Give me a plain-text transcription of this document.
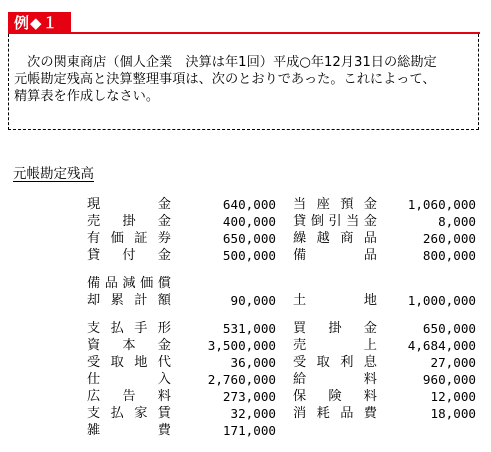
例◆１
　次の関東商店（個人企業　決算は年1回）平成○年12月31日の総勘定
元帳勘定残高と決算整理事項は、次のとおりであった。これによって、
精算表を作成しなさい。
元帳勘定残高
現金	640,000 当座預金	1,060,000
売掛金	400,000 貸倒引当金	8,000
有価証券	650,000 繰越商品	260,000
貸付金	500,000 備品	800,000
備品減価償
却累計額	90,000 土地	1,000,000
支払手形	531,000 買掛金	650,000
資本金	3,500,000 売上	4,684,000
受取地代	36,000 受取利息	27,000
仕入	2,760,000 給料	960,000
広告料	273,000 保険料	12,000
支払家賃	32,000 消耗品費	18,000
雑費	171,000
